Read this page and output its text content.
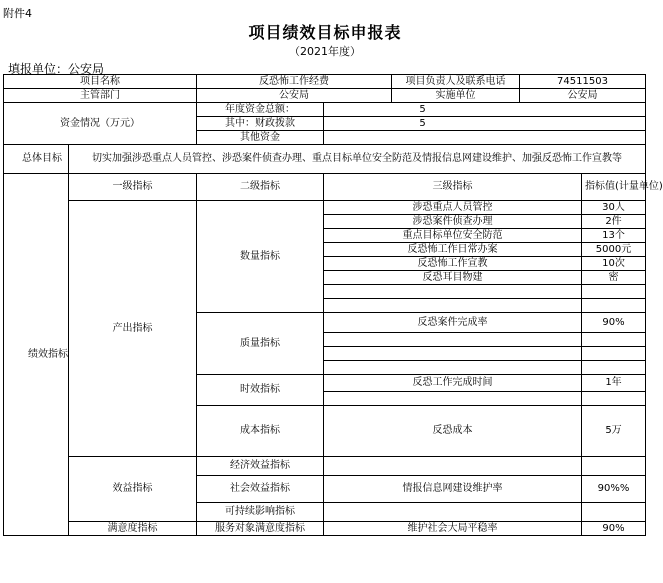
附件4
项目绩效目标申报表
（2021年度）
填报单位：公安局
项目名称		反恐怖工作经费		项目负责人及联系电话	74511503	
主管部门		公安局		实施单位	公安局	
资金情况（万元）		年度资金总额：	5			
		其中：财政拨款	5			
		其他资金				
总体目标	切实加强涉恐重点人员管控、涉恐案件侦查办理、重点目标单位安全防范及情报信息网建设维护、加强反恐怖工作宣教等					
绩效指标	一级指标	二级指标	三级指标			指标值(计量单位)
	产出指标	数量指标	涉恐重点人员管控			30人
			涉恐案件侦查办理			2件
			重点目标单位安全防范			13个
			反恐怖工作日常办案			5000元
			反恐怖工作宣教			10次
			反恐耳目物建			密

		质量指标	反恐案件完成率			90%

		时效指标	反恐工作完成时间			1年

		成本指标	反恐成本			5万
	效益指标	经济效益指标				
		社会效益指标	情报信息网建设维护率			90%%
		可持续影响指标				
	满意度指标	服务对象满意度指标	维护社会大局平稳率			90%
